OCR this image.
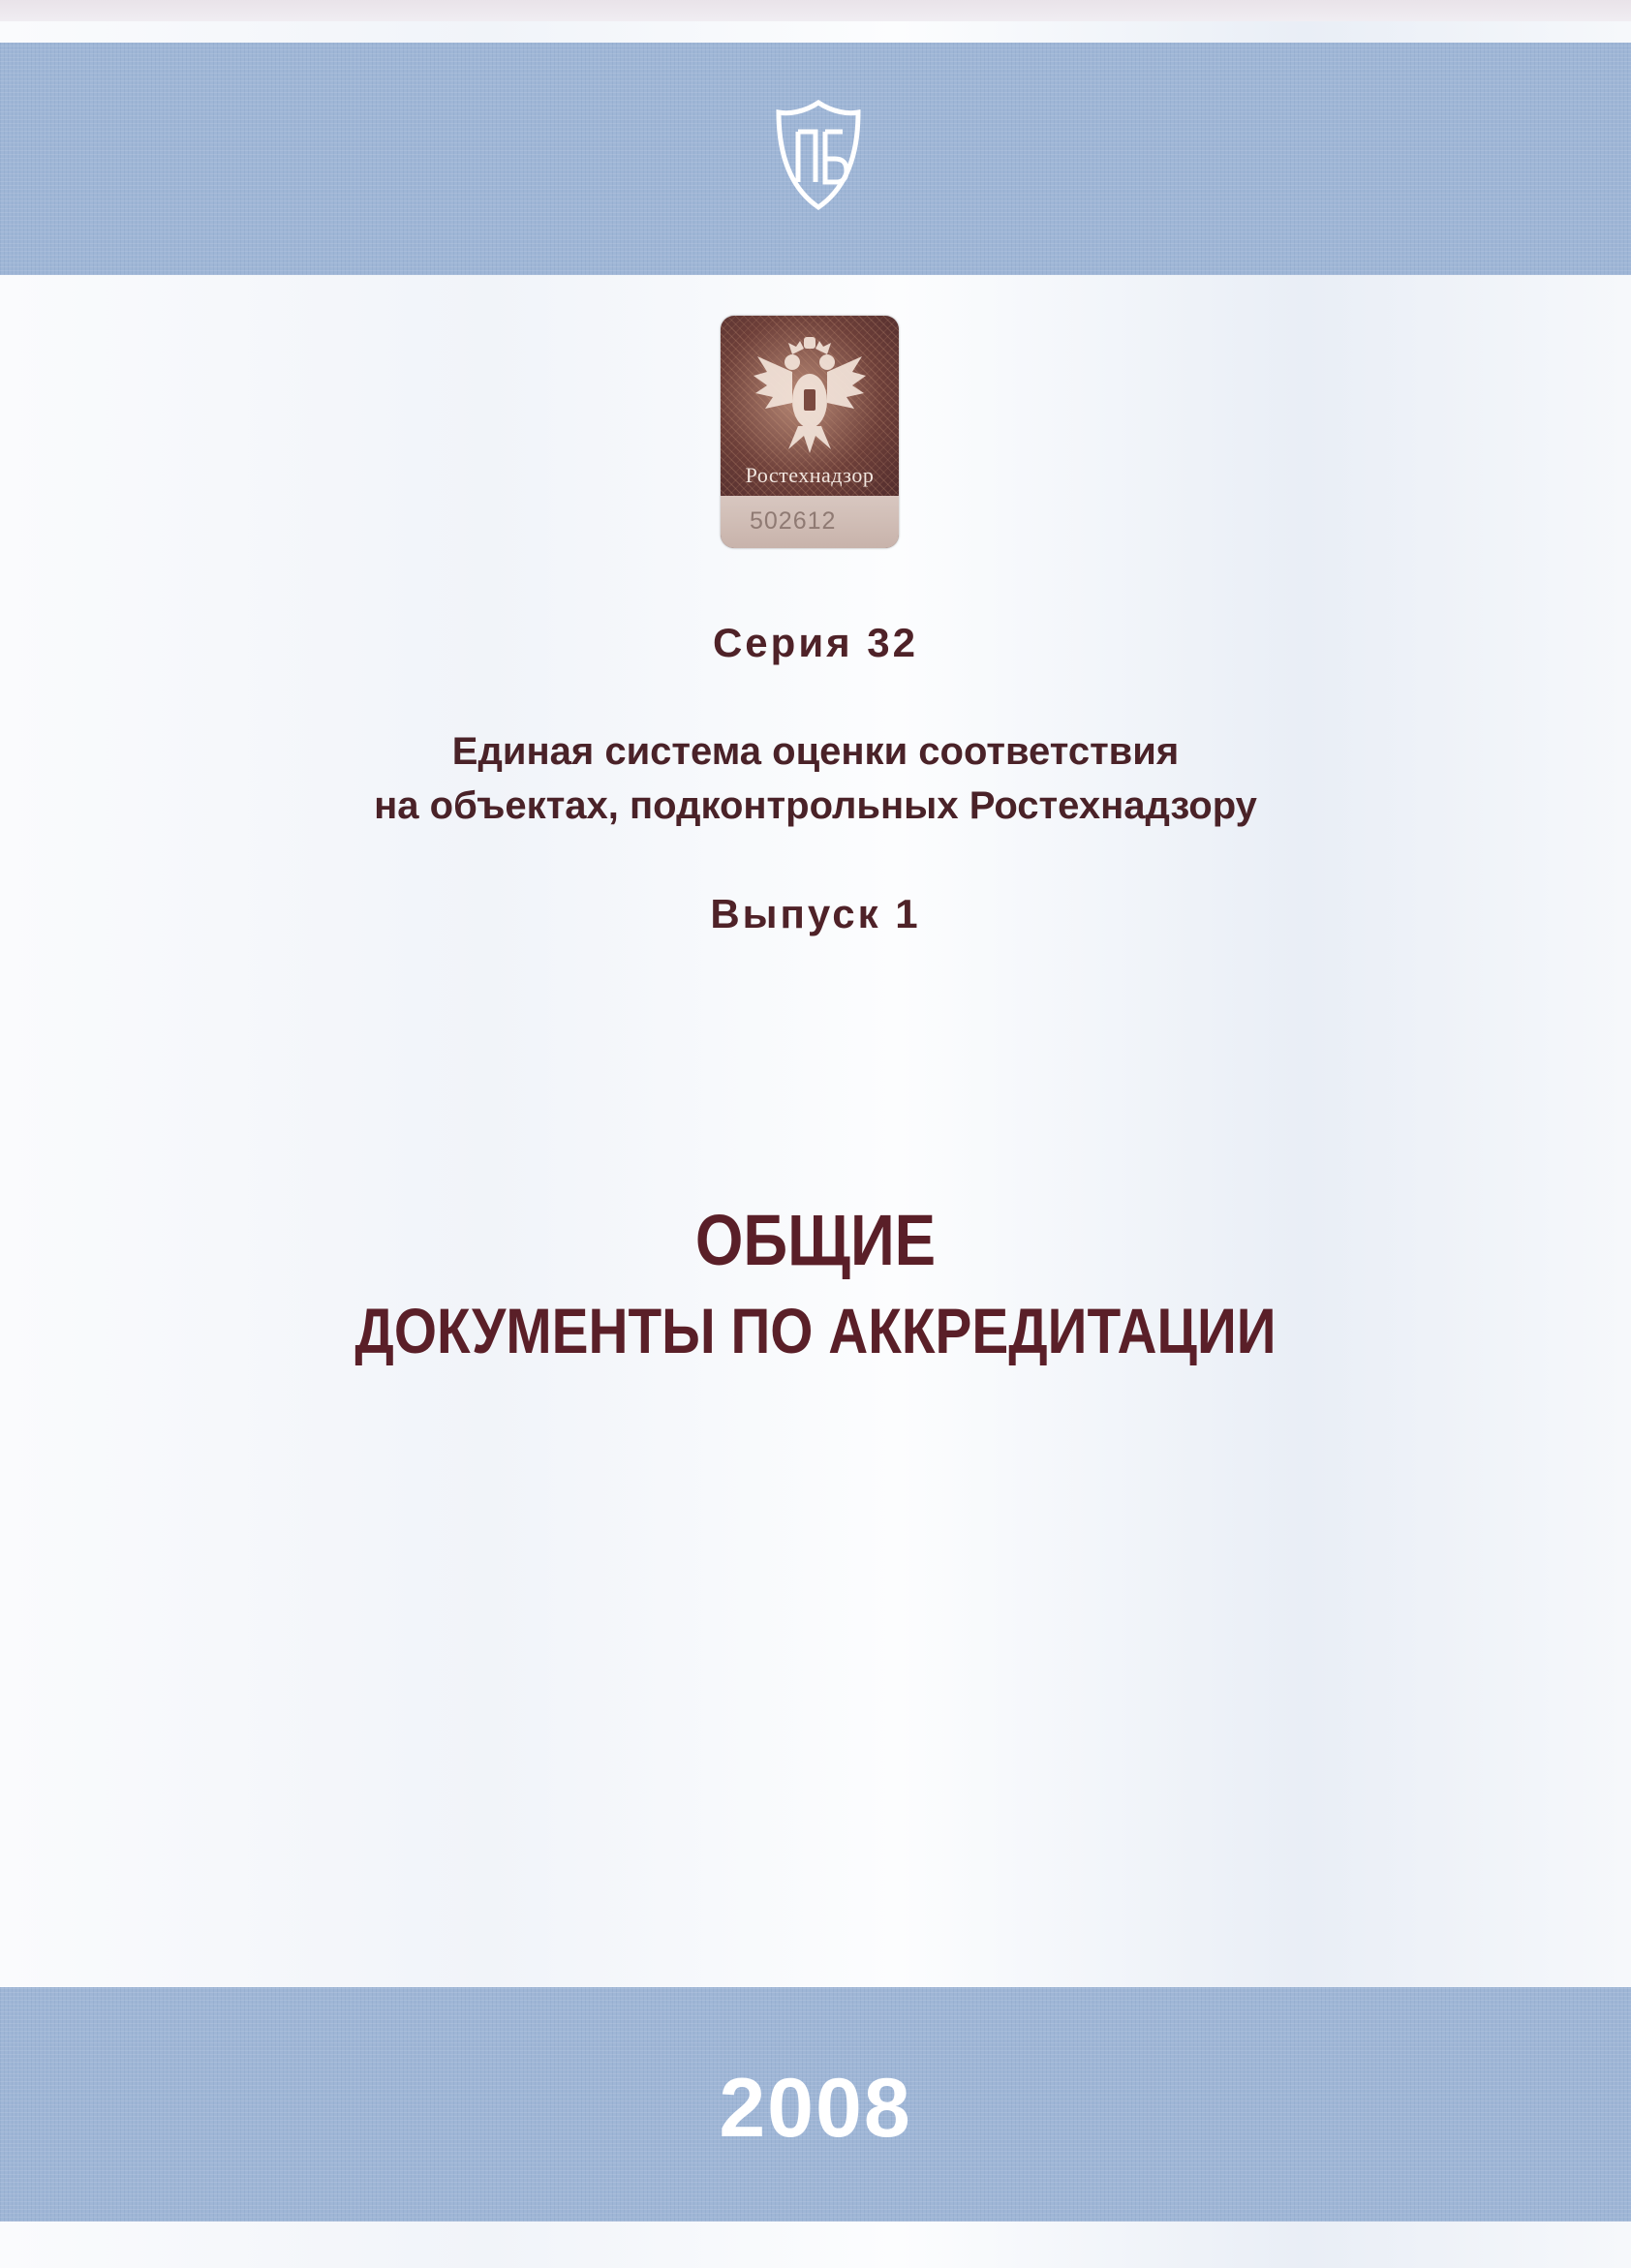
Ростехнадзор
502612
Серия 32
Единая система оценки соответствия
на объектах, подконтрольных Ростехнадзору
Выпуск 1
ОБЩИЕ
ДОКУМЕНТЫ ПО АККРЕДИТАЦИИ
2008
